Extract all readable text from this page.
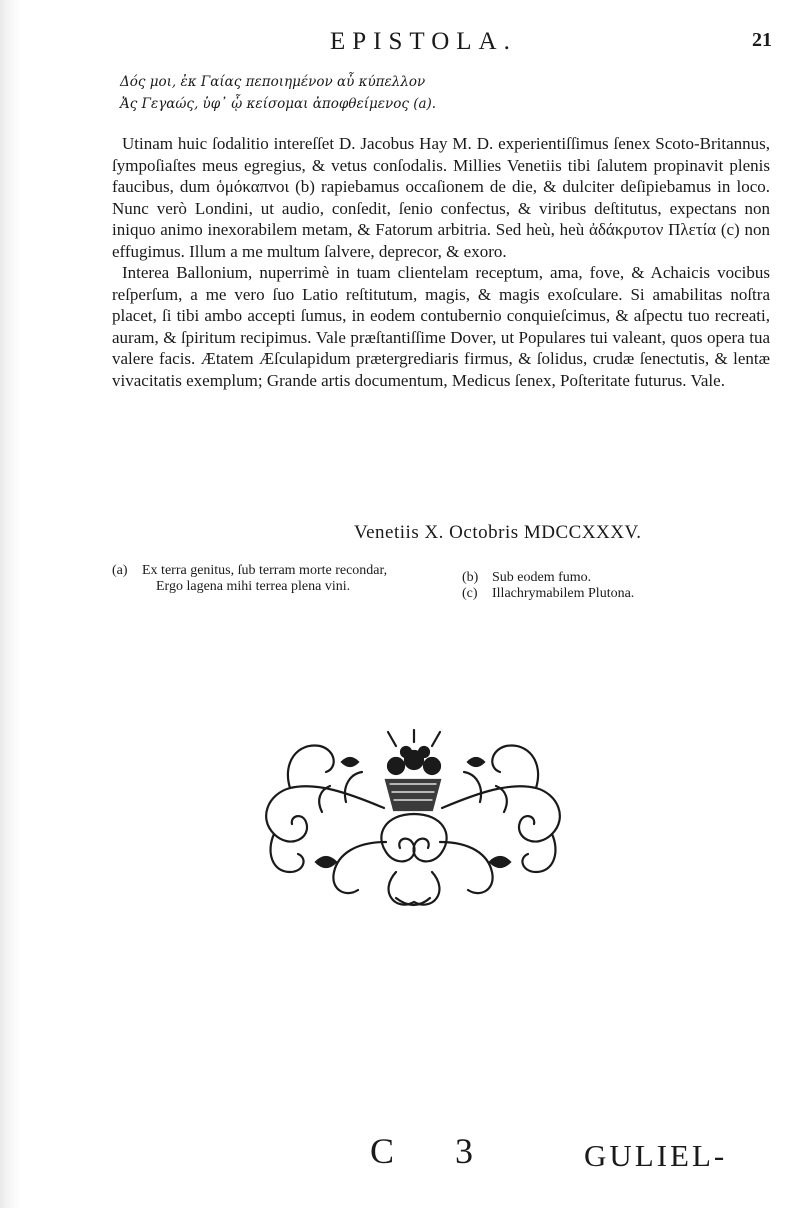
EPISTOLA.	21
Δός μοι, ἐκ Γαίας πεποιημένον αὖ κύπελλον
Ἀς Γεγαώς, ὑφ᾽ ᾧ κείσομαι ἀποφθείμενος (a).

Utinam huic ſodalitio intereſſet D. Jacobus Hay M. D. experientiſſimus ſenex Scoto-Britannus, ſympoſiaſtes meus egregius, & vetus conſodalis. Millies Venetiis tibi ſalutem propinavit plenis faucibus, dum ὁμόκαπνοι (b) rapiebamus occaſionem de die, & dulciter deſipiebamus in loco. Nunc verò Londini, ut audio, conſedit, ſenio confectus, & viribus deſtitutus, expectans non iniquo animo inexorabilem metam, & Fatorum arbitria. Sed heù, heù ἀδάκρυτον Πλετία (c) non effugimus. Illum a me multum ſalvere, deprecor, & exoro.

Interea Ballonium, nuperrimè in tuam clientelam receptum, ama, fove, & Achaicis vocibus reſperſum, a me vero ſuo Latio reſtitutum, magis, & magis exoſculare. Si amabilitas noſtra placet, ſi tibi ambo accepti ſumus, in eodem contubernio conquieſcimus, & aſpectu tuo recreati, auram, & ſpiritum recipimus. Vale præſtantiſſime Dover, ut Populares tui valeant, quos opera tua valere facis. Ætatem Æſculapidum prætergrediaris firmus, & ſolidus, crudæ ſenectutis, & lentæ vivacitatis exemplum; Grande artis documentum, Medicus ſenex, Poſteritate futurus. Vale.

Venetiis X. Octobris MDCCXXXV.
(a) Ex terra genitus, ſub terram morte recondar,
Ergo lagena mihi terrea plena vini.
(b) Sub eodem fumo.
(c) Illachrymabilem Plutona.
C 3	GULIEL-
